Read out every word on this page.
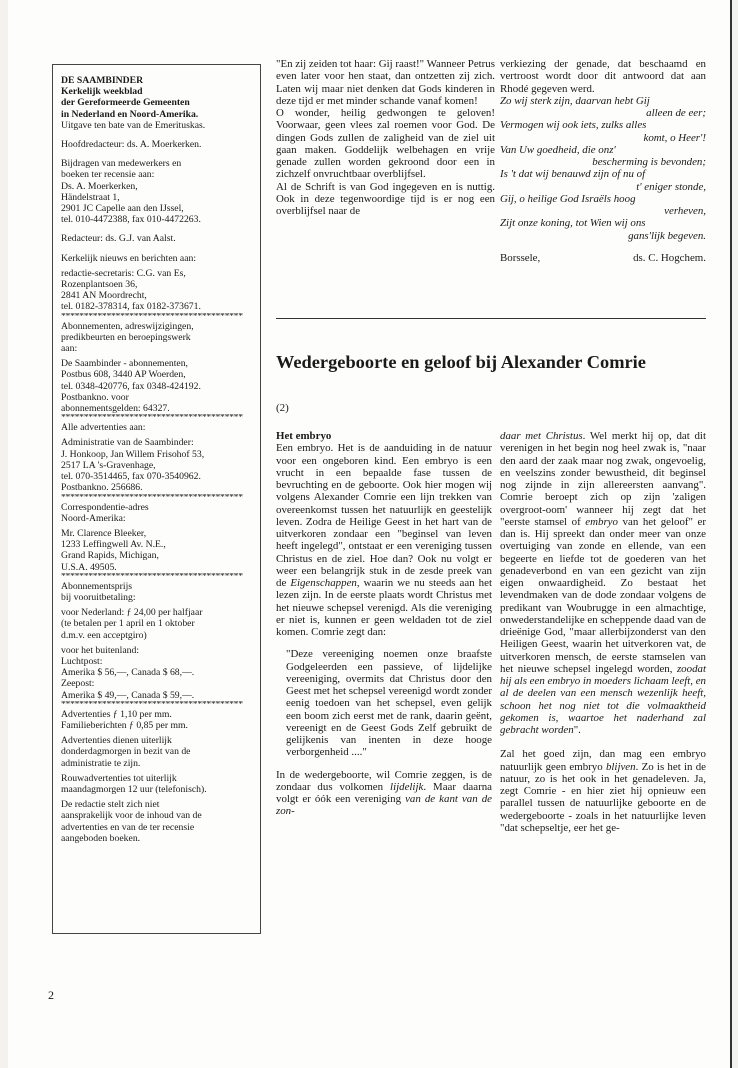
DE SAAMBINDER
Kerkelijk weekblad
der Gereformeerde Gemeenten
in Nederland en Noord-Amerika.
Uitgave ten bate van de Emerituskas.
Hoofdredacteur: ds. A. Moerkerken.
Bijdragen van medewerkers en
boeken ter recensie aan:
Ds. A. Moerkerken,
Händelstraat 1,
2901 JC Capelle aan den IJssel,
tel. 010-4472388, fax 010-4472263.
Redacteur: ds. G.J. van Aalst.
Kerkelijk nieuws en berichten aan:
redactie-secretaris: C.G. van Es,
Rozenplantsoen 36,
2841 AN Moordrecht,
tel. 0182-378314, fax 0182-373671.
****************************************
Abonnementen, adreswijzigingen,
predikbeurten en beroepingswerk
aan:
De Saambinder - abonnementen,
Postbus 608, 3440 AP Woerden,
tel. 0348-420776, fax 0348-424192.
Postbankno. voor
abonnementsgelden: 64327.
****************************************
Alle advertenties aan:
Administratie van de Saambinder:
J. Honkoop, Jan Willem Frisohof 53,
2517 LA 's-Gravenhage,
tel. 070-3514465, fax 070-3540962.
Postbankno. 256686.
****************************************
Correspondentie-adres
Noord-Amerika:
Mr. Clarence Bleeker,
1233 Leffingwell Av. N.E.,
Grand Rapids, Michigan,
U.S.A. 49505.
****************************************
Abonnementsprijs
bij vooruitbetaling:
voor Nederland: ƒ 24,00 per halfjaar
(te betalen per 1 april en 1 oktober
d.m.v. een acceptgiro)
voor het buitenland:
Luchtpost:
Amerika $ 56,—, Canada $ 68,—.
Zeepost:
Amerika $ 49,—, Canada $ 59,—.
****************************************
Advertenties ƒ 1,10 per mm.
Familieberichten ƒ 0,85 per mm.
Advertenties dienen uiterlijk
donderdagmorgen in bezit van de
administratie te zijn.
Rouwadvertenties tot uiterlijk
maandagmorgen 12 uur (telefonisch).
De redactie stelt zich niet
aansprakelijk voor de inhoud van de
advertenties en van de ter recensie
aangeboden boeken.

"En zij zeiden tot haar: Gij raast!" Wanneer Petrus even later voor hen staat, dan ontzetten zij zich. Laten wij maar niet denken dat Gods kinderen in deze tijd er met minder schande vanaf komen!

O wonder, heilig gedwongen te geloven! Voorwaar, geen vlees zal roemen voor God. De dingen Gods zullen de zaligheid van de ziel uit gaan maken. Goddelijk welbehagen en vrije genade zullen worden gekroond door een in zichzelf onvruchtbaar overblijfsel.

Al de Schrift is van God ingegeven en is nuttig. Ook in deze tegenwoordige tijd is er nog een overblijfsel naar de

verkiezing der genade, dat beschaamd en vertroost wordt door dit antwoord dat aan Rhodé gegeven werd.

Zo wij sterk zijn, daarvan hebt Gij
alleen de eer;
Vermogen wij ook iets, zulks alles
komt, o Heer'!
Van Uw goedheid, die onz'
bescherming is bevonden;
Is 't dat wij benauwd zijn of nu of
t' eniger stonde,
Gij, o heilige God Israëls hoog
verheven,
Zijt onze koning, tot Wien wij ons
gans'lijk begeven.
Borssele,	ds. C. Hogchem.
Wedergeboorte en geloof bij Alexander Comrie
(2)
Het embryo

Een embryo. Het is de aanduiding in de natuur voor een ongeboren kind. Een embryo is een vrucht in een bepaalde fase tussen de bevruchting en de geboorte. Ook hier mogen wij volgens Alexander Comrie een lijn trekken van overeenkomst tussen het natuurlijk en geestelijk leven. Zodra de Heilige Geest in het hart van de uitverkoren zondaar een "beginsel van leven heeft ingelegd", ontstaat er een vereniging tussen Christus en de ziel. Hoe dan? Ook nu volgt er weer een belangrijk stuk in de zesde preek van de Eigenschappen, waarin we nu steeds aan het lezen zijn. In de eerste plaats wordt Christus met het nieuwe schepsel verenigd. Als die vereniging er niet is, kunnen er geen weldaden tot de ziel komen. Comrie zegt dan:

"Deze vereeniging noemen onze braafste Godgeleerden een passieve, of lijdelijke vereeniging, overmits dat Christus door den Geest met het schepsel vereenigd wordt zonder eenig toedoen van het schepsel, even gelijk een boom zich eerst met de rank, daarin geënt, vereenigt en de Geest Gods Zelf gebruikt de gelijkenis van inenten in deze hooge verborgenheid ...."

In de wedergeboorte, wil Comrie zeggen, is de zondaar dus volkomen lijdelijk. Maar daarna volgt er óók een vereniging van de kant van de zon-

daar met Christus. Wel merkt hij op, dat dit verenigen in het begin nog heel zwak is, "naar den aard der zaak maar nog zwak, ongevoelig, en veelszins zonder bewustheid, dit beginsel nog zijnde in zijn allereersten aanvang". Comrie beroept zich op zijn 'zaligen overgroot-oom' wanneer hij zegt dat het "eerste stamsel of embryo van het geloof" er dan is. Hij spreekt dan onder meer van onze overtuiging van zonde en ellende, van een begeerte en liefde tot de goederen van het genadeverbond en van een gezicht van zijn eigen onwaardigheid. Zo bestaat het levendmaken van de dode zondaar volgens de predikant van Woubrugge in een almachtige, onwederstandelijke en scheppende daad van de drieënige God, "maar allerbijzonderst van den Heiligen Geest, waarin het uitverkoren vat, de uitverkoren mensch, de eerste stamselen van het nieuwe schepsel ingelegd worden, zoodat hij als een embryo in moeders lichaam leeft, en al de deelen van een mensch wezenlijk heeft, schoon het nog niet tot die volmaaktheid gekomen is, waartoe het naderhand zal gebracht worden".

Zal het goed zijn, dan mag een embryo natuurlijk geen embryo blijven. Zo is het in de natuur, zo is het ook in het genadeleven. Ja, zegt Comrie - en hier ziet hij opnieuw een parallel tussen de natuurlijke geboorte en de wedergeboorte - zoals in het natuurlijke leven "dat schepseltje, eer het ge-

2
